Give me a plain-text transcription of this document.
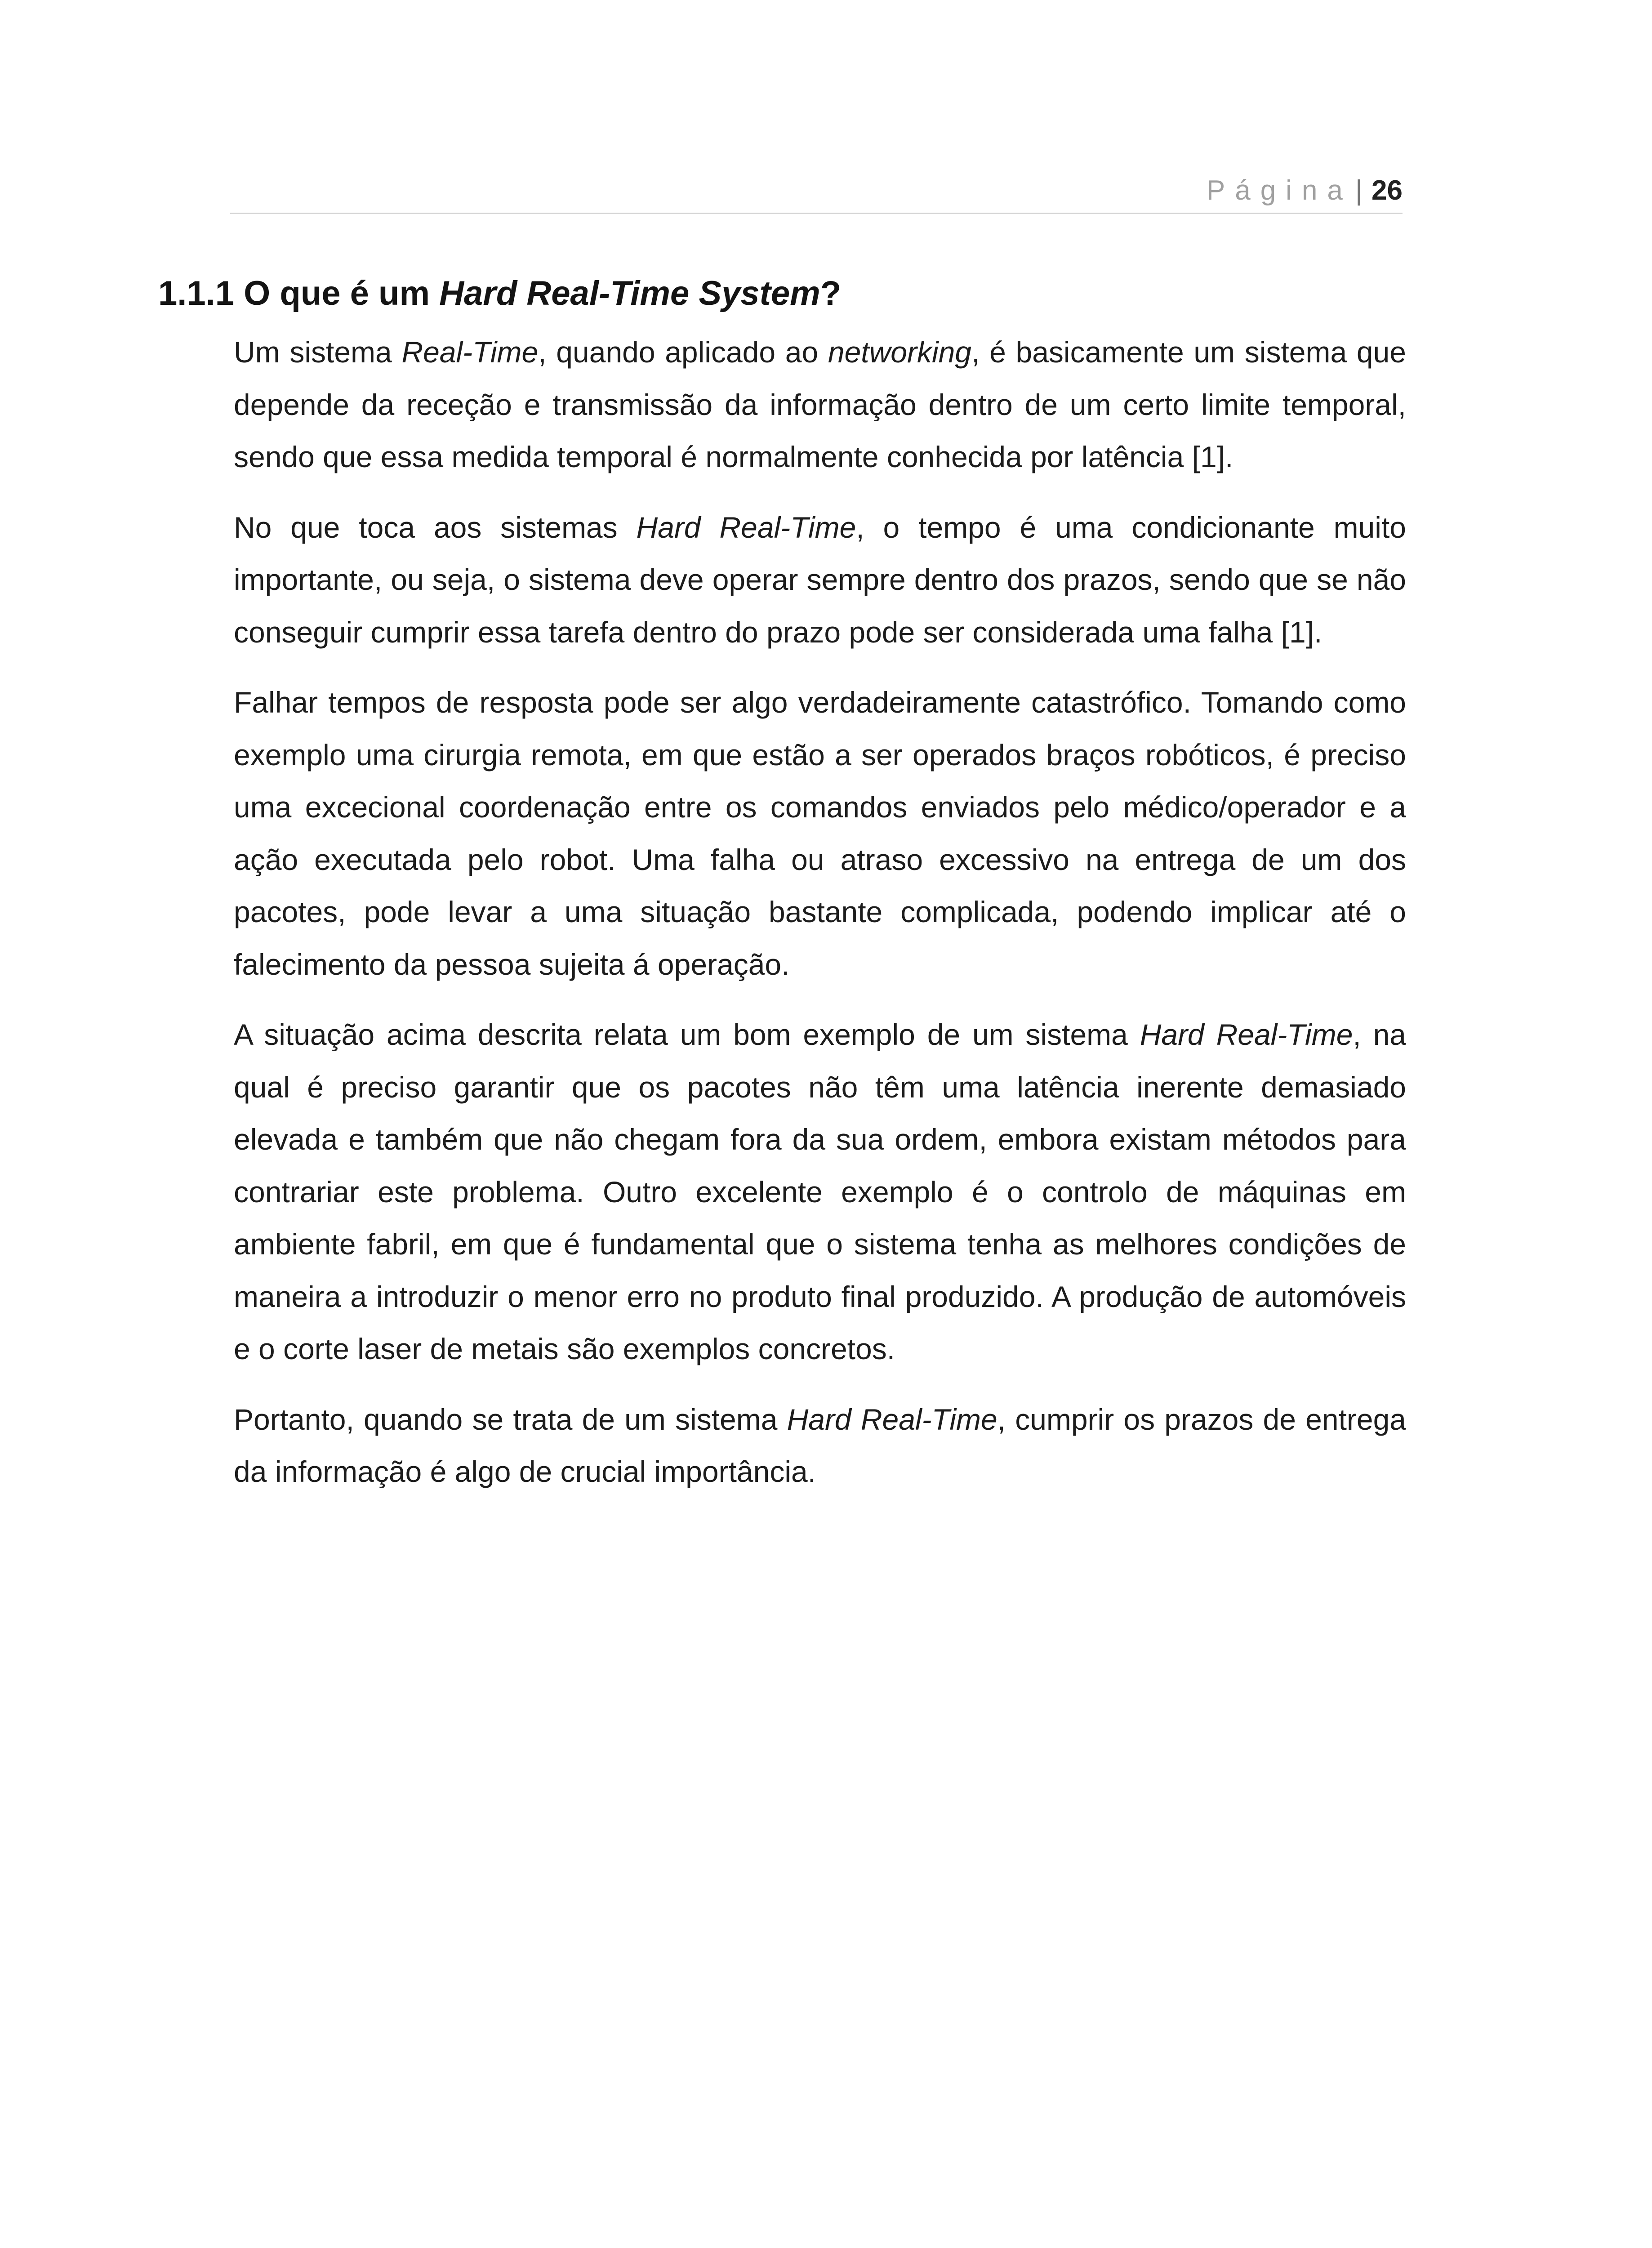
Página| 26
1.1.1 O que é um Hard Real-Time System?

Um sistema Real-Time, quando aplicado ao networking, é basicamente um sistema que depende da receção e transmissão da informação dentro de um certo limite temporal, sendo que essa medida temporal é normalmente conhecida por latência [1].

No que toca aos sistemas Hard Real-Time, o tempo é uma condicionante muito importante, ou seja, o sistema deve operar sempre dentro dos prazos, sendo que se não conseguir cumprir essa tarefa dentro do prazo pode ser considerada uma falha [1].

Falhar tempos de resposta pode ser algo verdadeiramente catastrófico. Tomando como exemplo uma cirurgia remota, em que estão a ser operados braços robóticos, é preciso uma excecional coordenação entre os comandos enviados pelo médico/operador e a ação executada pelo robot. Uma falha ou atraso excessivo na entrega de um dos pacotes, pode levar a uma situação bastante complicada, podendo implicar até o falecimento da pessoa sujeita á operação.

A situação acima descrita relata um bom exemplo de um sistema Hard Real-Time, na qual é preciso garantir que os pacotes não têm uma latência inerente demasiado elevada e também que não chegam fora da sua ordem, embora existam métodos para contrariar este problema. Outro excelente exemplo é o controlo de máquinas em ambiente fabril, em que é fundamental que o sistema tenha as melhores condições de maneira a introduzir o menor erro no produto final produzido. A produção de automóveis e o corte laser de metais são exemplos concretos.

Portanto, quando se trata de um sistema Hard Real-Time, cumprir os prazos de entrega da informação é algo de crucial importância.
